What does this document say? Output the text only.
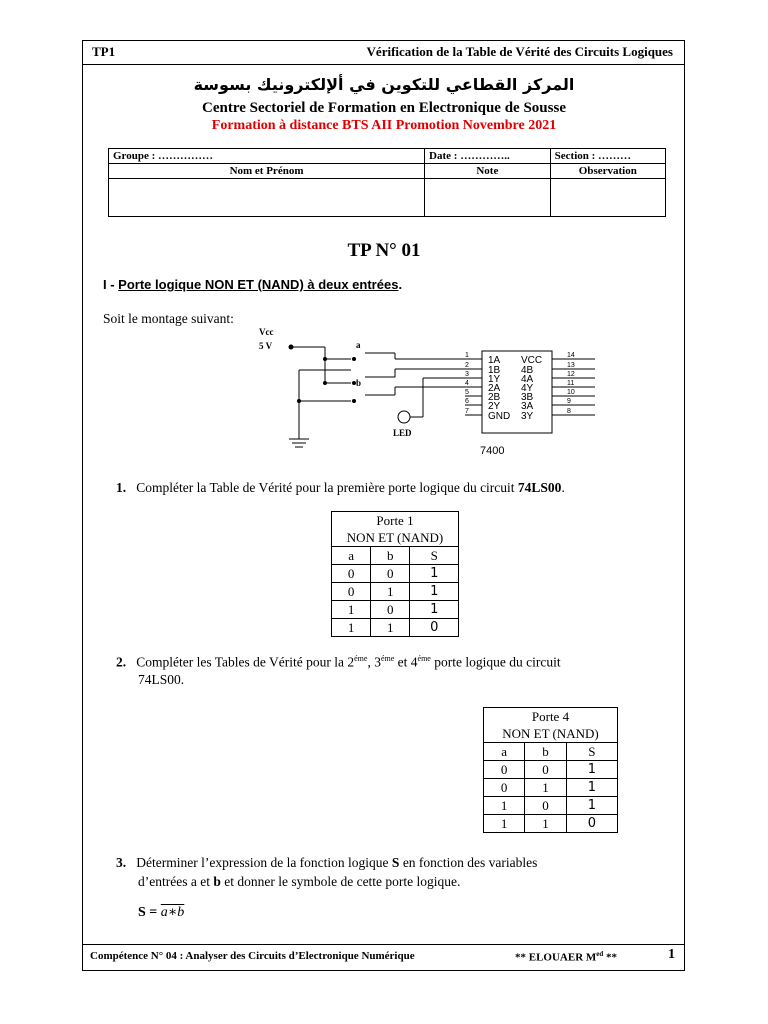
TP1	Vérification de la Table de Vérité des Circuits Logiques
المركز القطاعي للتكوين في ألإلكترونيك بسوسة
Centre Sectoriel de Formation en Electronique de Sousse
Formation à distance BTS AII Promotion Novembre 2021
Groupe : ……………	Date : …………..	Section : ………
Nom et Prénom	Note	Observation

TP N° 01
I - Porte logique NON ET (NAND) à deux entrées.
Soit le montage suivant:
Vcc
5 V	a
b
LED
7400
1A
1B
1Y
2A
2B
2Y
GND
VCC
4B
4A
4Y
3B
3A
3Y
1
2
3
4
5
6
7
14
13
12
11
10
9
8
1. Compléter la Table de Vérité pour la première porte logique du circuit 74LS00.
Porte 1		
NON ET (NAND)		
a	b	S
0	0	1
0	1	1
1	0	1
1	1	0
2. Compléter les Tables de Vérité pour la $2^{éme}$, $3^{éme}$ et $4^{éme}$ porte logique du circuit
74LS00.
Porte 4		
NON ET (NAND)		
a	b	S
0	0	1
0	1	1
1	0	1
1	1	0
3. Déterminer l’expression de la fonction logique S en fonction des variables
d’entrées a et b et donner le symbole de cette porte logique.
S = a∗b
Compétence N° 04 : Analyser des Circuits d’Electronique Numérique	** ELOUAER $M^{ed}$ **	1
